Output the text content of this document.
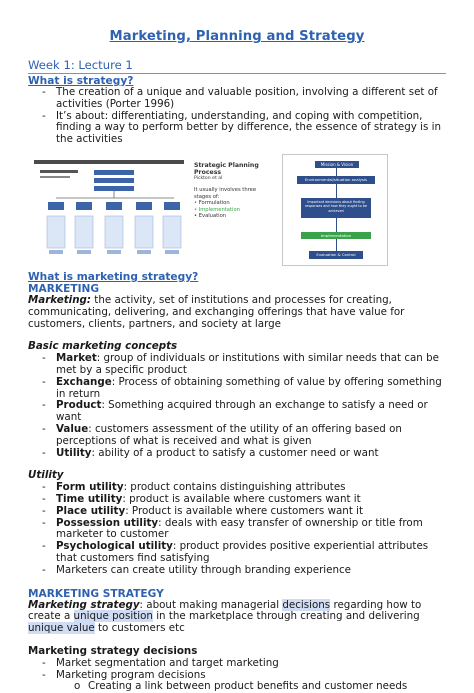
Marketing, Planning and Strategy
Week 1: Lecture 1
What is strategy?
- The creation of a unique and valuable position, involving a different set of activities (Porter 1996)
- It’s about: differentiating, understanding, and coping with competition, finding a way to perform better by difference, the essence of strategy is in the activities
Strategic Planning Process
Pickton et al
It usually involves three stages of:
• Formulation
• Implementation
• Evaluation
Mission & Vision
Environmental/situation analysis
Important decisions about finding responses and how they ought to be achieved
Implementation
Evaluation & Control
What is marketing strategy?
MARKETING

Marketing: the activity, set of institutions and processes for creating, communicating, delivering, and exchanging offerings that have value for customers, clients, partners, and society at large

Basic marketing concepts

- Market: group of individuals or institutions with similar needs that can be met by a specific product
- Exchange: Process of obtaining something of value by offering something in return
- Product: Something acquired through an exchange to satisfy a need or want
- Value: customers assessment of the utility of an offering based on perceptions of what is received and what is given
- Utility: ability of a product to satisfy a customer need or want

Utility

- Form utility: product contains distinguishing attributes
- Time utility: product is available where customers want it
- Place utility: Product is available where customers want it
- Possession utility: deals with easy transfer of ownership or title from marketer to customer
- Psychological utility: product provides positive experiential attributes that customers find satisfying
- Marketers can create utility through branding experience
MARKETING STRATEGY

Marketing strategy: about making managerial decisions regarding how to create a unique position in the marketplace through creating and delivering unique value to customers etc

Marketing strategy decisions

- Market segmentation and target marketing
- Marketing program decisions
o Creating a link between product benefits and customer needs
